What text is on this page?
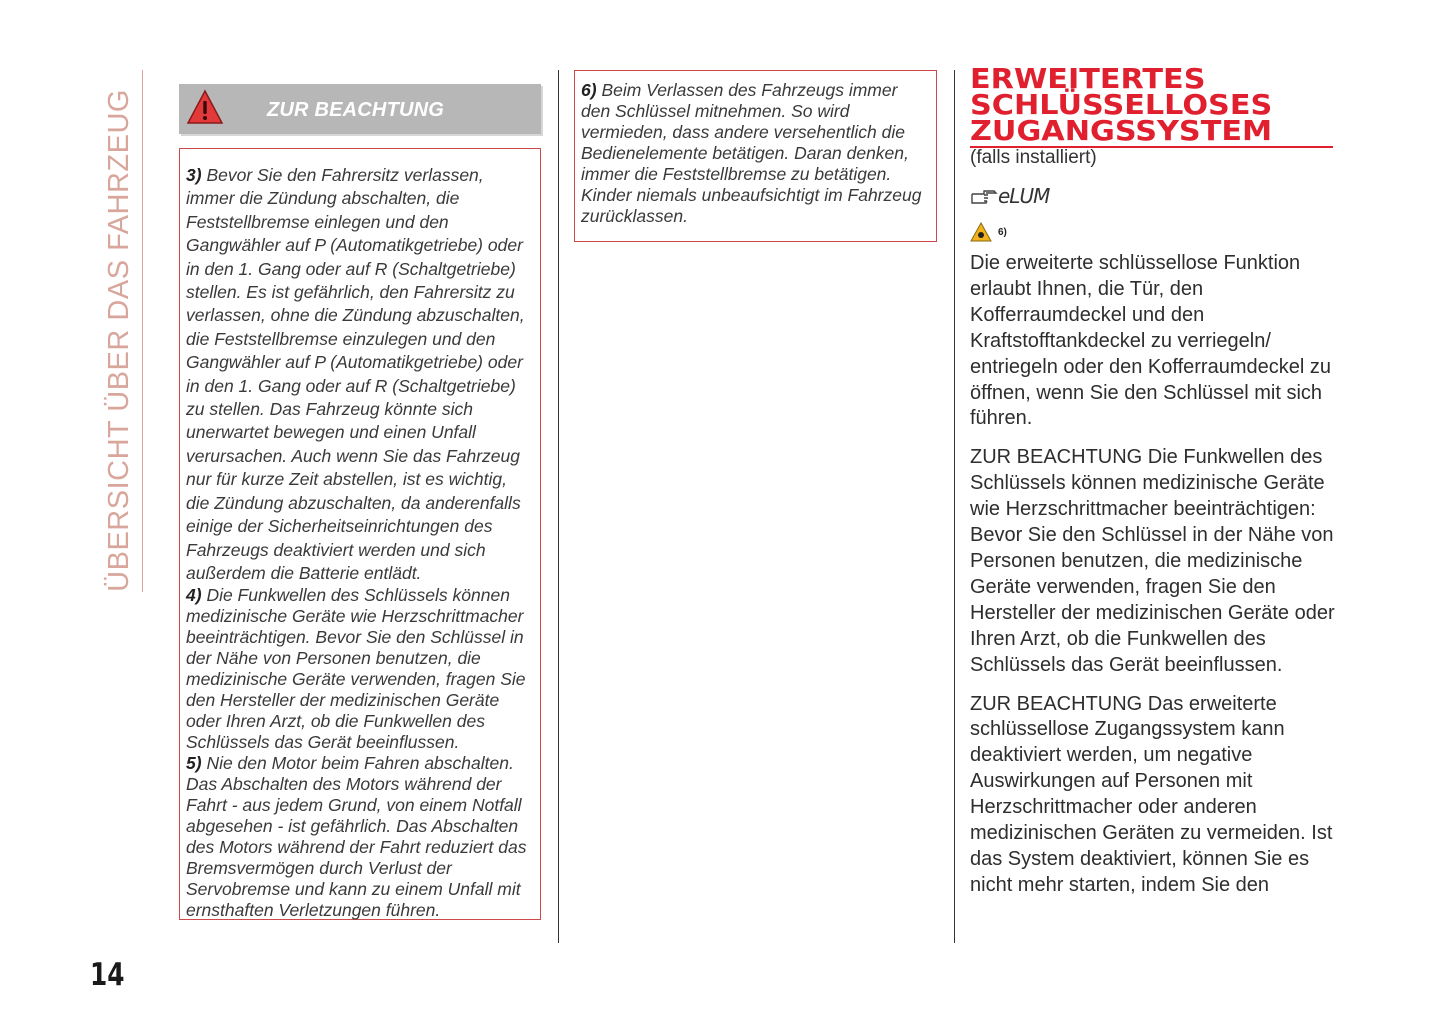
ÜBERSICHT ÜBER DAS FAHRZEUG
14
ZUR BEACHTUNG

3) Bevor Sie den Fahrersitz verlassen, immer die Zündung abschalten, die Feststellbremse einlegen und den Gangwähler auf P (Automatikgetriebe) oder in den 1. Gang oder auf R (Schaltgetriebe) stellen. Es ist gefährlich, den Fahrersitz zu verlassen, ohne die Zündung abzuschalten, die Feststellbremse einzulegen und den Gangwähler auf P (Automatikgetriebe) oder in den 1. Gang oder auf R (Schaltgetriebe) zu stellen. Das Fahrzeug könnte sich unerwartet bewegen und einen Unfall verursachen. Auch wenn Sie das Fahrzeug nur für kurze Zeit abstellen, ist es wichtig, die Zündung abzuschalten, da anderenfalls einige der Sicherheitseinrichtungen des Fahrzeugs deaktiviert werden und sich außerdem die Batterie entlädt.

4) Die Funkwellen des Schlüssels können medizinische Geräte wie Herzschrittmacher beeinträchtigen. Bevor Sie den Schlüssel in der Nähe von Personen benutzen, die medizinische Geräte verwenden, fragen Sie den Hersteller der medizinischen Geräte oder Ihren Arzt, ob die Funkwellen des Schlüssels das Gerät beeinflussen.

5) Nie den Motor beim Fahren abschalten. Das Abschalten des Motors während der Fahrt - aus jedem Grund, von einem Notfall abgesehen - ist gefährlich. Das Abschalten des Motors während der Fahrt reduziert das Bremsvermögen durch Verlust der Servobremse und kann zu einem Unfall mit ernsthaften Verletzungen führen.

6) Beim Verlassen des Fahrzeugs immer den Schlüssel mitnehmen. So wird vermieden, dass andere versehentlich die Bedienelemente betätigen. Daran denken, immer die Feststellbremse zu betätigen. Kinder niemals unbeaufsichtigt im Fahrzeug zurücklassen.

ERWEITERTES
SCHLÜSSELLOSES
ZUGANGSSYSTEM
(falls installiert)
eLUM
6)

Die erweiterte schlüssellose Funktion erlaubt Ihnen, die Tür, den Kofferraumdeckel und den Kraftstofftankdeckel zu verriegeln/ entriegeln oder den Kofferraumdeckel zu öffnen, wenn Sie den Schlüssel mit sich führen.

ZUR BEACHTUNG Die Funkwellen des Schlüssels können medizinische Geräte wie Herzschrittmacher beeinträchtigen: Bevor Sie den Schlüssel in der Nähe von Personen benutzen, die medizinische Geräte verwenden, fragen Sie den Hersteller der medizinischen Geräte oder Ihren Arzt, ob die Funkwellen des Schlüssels das Gerät beeinflussen.

ZUR BEACHTUNG Das erweiterte schlüssellose Zugangssystem kann deaktiviert werden, um negative Auswirkungen auf Personen mit Herzschrittmacher oder anderen medizinischen Geräten zu vermeiden. Ist das System deaktiviert, können Sie es nicht mehr starten, indem Sie den
